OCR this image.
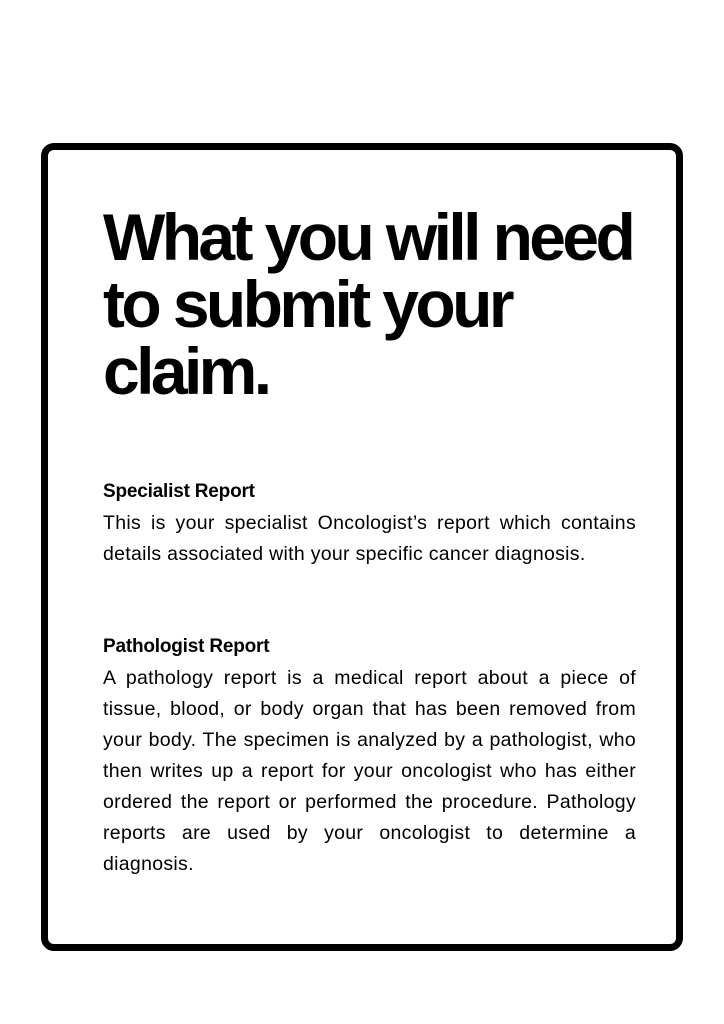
What you will need to submit your claim.
Specialist Report

This is your specialist Oncologist’s report which contains details associated with your specific cancer diagnosis.

Pathologist Report

A pathology report is a medical report about a piece of tissue, blood, or body organ that has been removed from your body. The specimen is analyzed by a pathologist, who then writes up a report for your oncologist who has either ordered the report or performed the procedure. Pathology reports are used by your oncologist to determine a diagnosis.
